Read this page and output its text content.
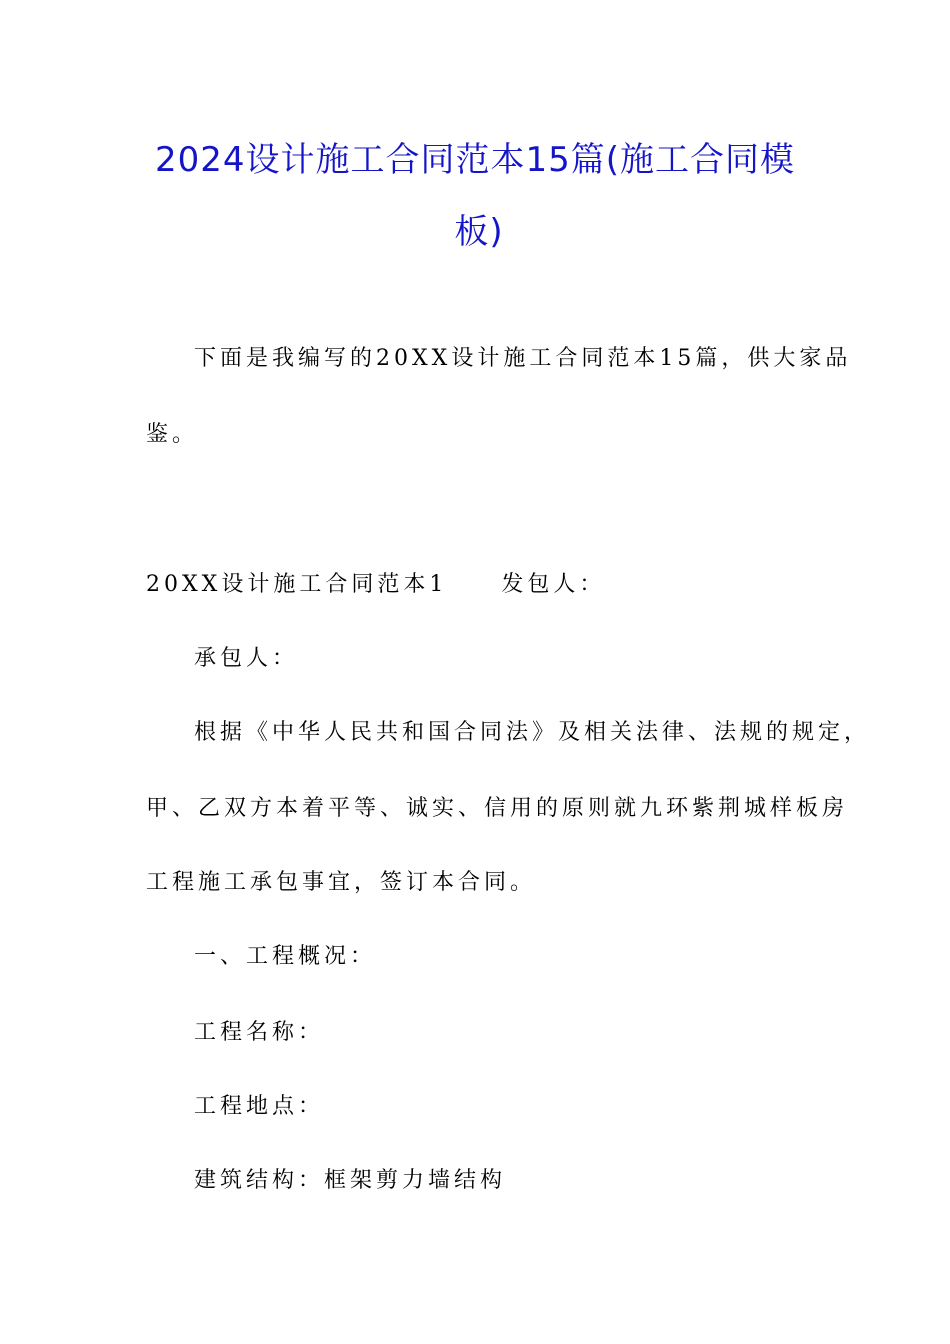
2024设计施工合同范本15篇(施工合同模
板)
下面是我编写的20XX设计施工合同范本15篇，供大家品
鉴。
20XX设计施工合同范本1 发包人：
承包人：
根据《中华人民共和国合同法》及相关法律、法规的规定，
甲、乙双方本着平等、诚实、信用的原则就九环紫荆城样板房
工程施工承包事宜，签订本合同。
一、工程概况：
工程名称：
工程地点：
建筑结构：框架剪力墙结构
